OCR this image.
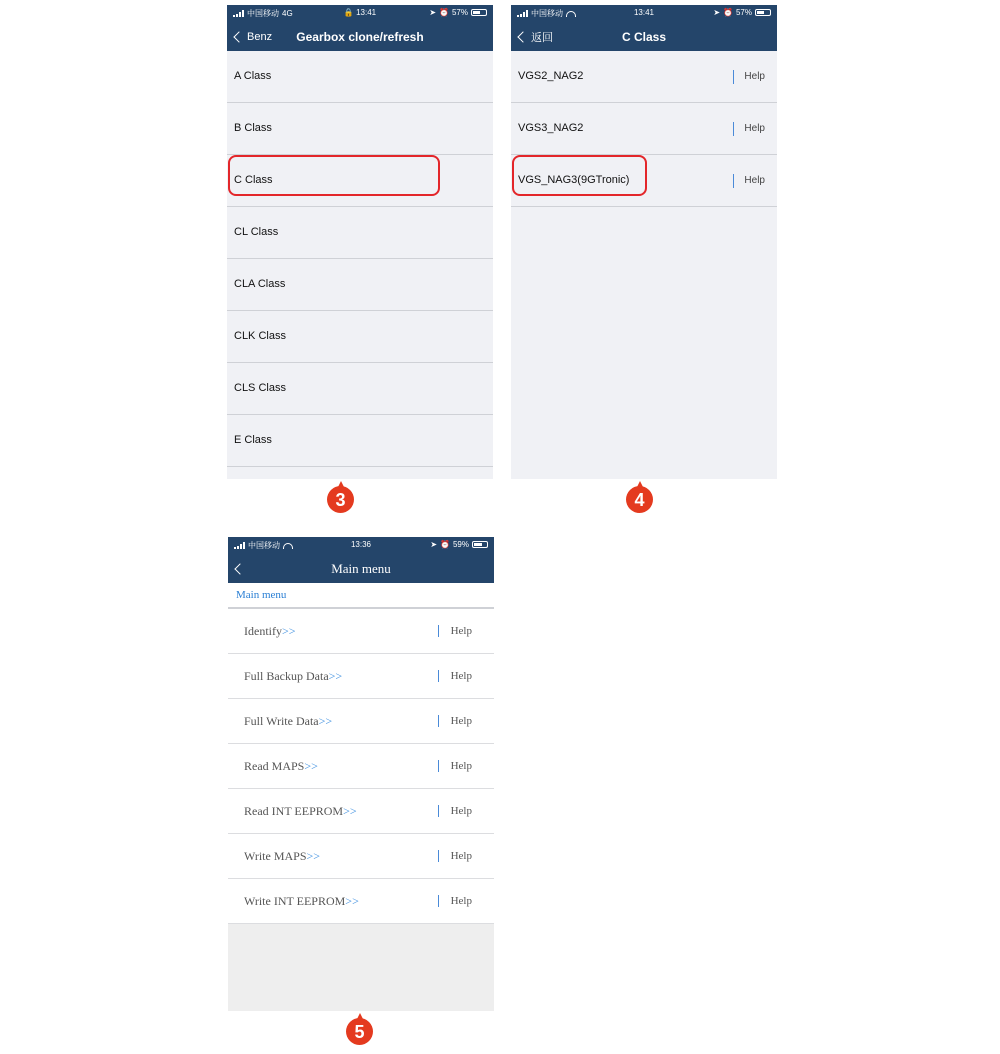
中国移动 4G	🔒 13:41	➤ ⏰ 57%
Benz	Gearbox clone/refresh
A Class
B Class
C Class
CL Class
CLA Class
CLK Class
CLS Class
E Class
3
中国移动	13:41	➤ ⏰ 57%
返回	C Class
VGS2_NAG2	Help
VGS3_NAG2	Help
VGS_NAG3(9GTronic)	Help
4
中国移动	13:36	➤ ⏰ 59%
Main menu
Main menu
Identify>>	Help
Full Backup Data>>	Help
Full Write Data>>	Help
Read MAPS>>	Help
Read INT EEPROM>>	Help
Write MAPS>>	Help
Write INT EEPROM>>	Help
5
